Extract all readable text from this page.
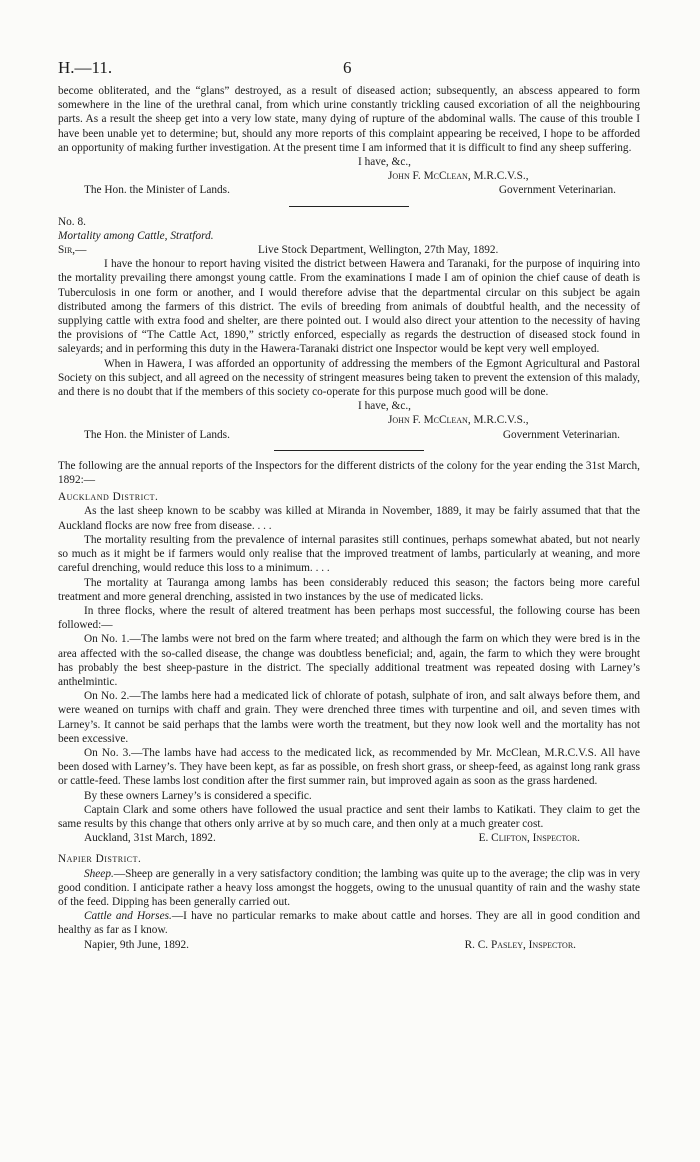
H.—11.	6

become obliterated, and the “glans” destroyed, as a result of diseased action; subsequently, an abscess appeared to form somewhere in the line of the urethral canal, from which urine constantly trickling caused excoriation of all the neighbouring parts. As a result the sheep get into a very low state, many dying of rupture of the abdominal walls. The cause of this trouble I have been unable yet to determine; but, should any more reports of this complaint appearing be received, I hope to be afforded an opportunity of making further investigation. At the present time I am informed that it is difficult to find any sheep suffering.

I have, &c.,

John F. McClean, M.R.C.V.S.,

The Hon. the Minister of Lands.	Government Veterinarian.

No. 8.

Mortality among Cattle, Stratford.

Sir,—	Live Stock Department, Wellington, 27th May, 1892.

I have the honour to report having visited the district between Hawera and Taranaki, for the purpose of inquiring into the mortality prevailing there amongst young cattle. From the examinations I made I am of opinion the chief cause of death is Tuberculosis in one form or another, and I would therefore advise that the departmental circular on this subject be again distributed among the farmers of this district. The evils of breeding from animals of doubtful health, and the necessity of supplying cattle with extra food and shelter, are there pointed out. I would also direct your attention to the necessity of having the provisions of “The Cattle Act, 1890,” strictly enforced, especially as regards the destruction of diseased stock found in saleyards; and in performing this duty in the Hawera-Taranaki district one Inspector would be kept very well employed.

When in Hawera, I was afforded an opportunity of addressing the members of the Egmont Agricultural and Pastoral Society on this subject, and all agreed on the necessity of stringent measures being taken to prevent the extension of this malady, and there is no doubt that if the members of this society co-operate for this purpose much good will be done.

I have, &c.,

John F. McClean, M.R.C.V.S.,

The Hon. the Minister of Lands.	Government Veterinarian.

The following are the annual reports of the Inspectors for the different districts of the colony for the year ending the 31st March, 1892:—

Auckland District.

As the last sheep known to be scabby was killed at Miranda in November, 1889, it may be fairly assumed that that the Auckland flocks are now free from disease. . . .

The mortality resulting from the prevalence of internal parasites still continues, perhaps somewhat abated, but not nearly so much as it might be if farmers would only realise that the improved treatment of lambs, particularly at weaning, and more careful drenching, would reduce this loss to a minimum. . . .

The mortality at Tauranga among lambs has been considerably reduced this season; the factors being more careful treatment and more general drenching, assisted in two instances by the use of medicated licks.

In three flocks, where the result of altered treatment has been perhaps most successful, the following course has been followed:—

On No. 1.—The lambs were not bred on the farm where treated; and although the farm on which they were bred is in the area affected with the so-called disease, the change was doubtless beneficial; and, again, the farm to which they were brought has probably the best sheep-pasture in the district. The specially additional treatment was repeated dosing with Larney’s anthelmintic.

On No. 2.—The lambs here had a medicated lick of chlorate of potash, sulphate of iron, and salt always before them, and were weaned on turnips with chaff and grain. They were drenched three times with turpentine and oil, and seven times with Larney’s. It cannot be said perhaps that the lambs were worth the treatment, but they now look well and the mortality has not been excessive.

On No. 3.—The lambs have had access to the medicated lick, as recommended by Mr. McClean, M.R.C.V.S. All have been dosed with Larney’s. They have been kept, as far as possible, on fresh short grass, or sheep-feed, as against long rank grass or cattle-feed. These lambs lost condition after the first summer rain, but improved again as soon as the grass hardened.

By these owners Larney’s is considered a specific.

Captain Clark and some others have followed the usual practice and sent their lambs to Katikati. They claim to get the same results by this change that others only arrive at by so much care, and then only at a much greater cost.

Auckland, 31st March, 1892.	E. Clifton, Inspector.

Napier District.

Sheep.—Sheep are generally in a very satisfactory condition; the lambing was quite up to the average; the clip was in very good condition. I anticipate rather a heavy loss amongst the hoggets, owing to the unusual quantity of rain and the washy state of the feed. Dipping has been generally carried out.

Cattle and Horses.—I have no particular remarks to make about cattle and horses. They are all in good condition and healthy as far as I know.

Napier, 9th June, 1892.	R. C. Pasley, Inspector.
